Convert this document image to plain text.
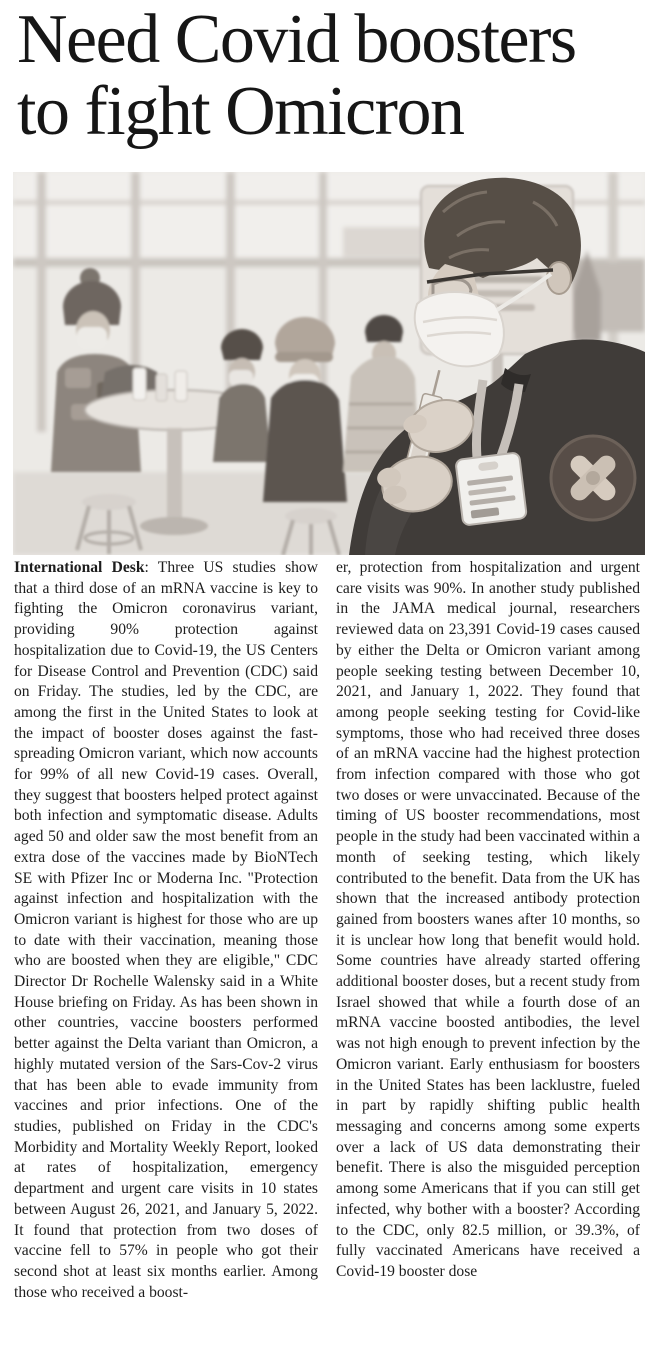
Need Covid boosters to fight Omicron

International Desk: Three US studies show that a third dose of an mRNA vaccine is key to fighting the Omicron coronavirus variant, providing 90% protection against hospitalization due to Covid-19, the US Centers for Disease Control and Prevention (CDC) said on Friday. The studies, led by the CDC, are among the first in the United States to look at the impact of booster doses against the fast-spreading Omicron variant, which now accounts for 99% of all new Covid-19 cases. Overall, they suggest that boosters helped protect against both infection and symptomatic disease. Adults aged 50 and older saw the most benefit from an extra dose of the vaccines made by BioNTech SE with Pfizer Inc or Moderna Inc. "Protection against infection and hospitalization with the Omicron variant is highest for those who are up to date with their vaccination, meaning those who are boosted when they are eligible," CDC Director Dr Rochelle Walensky said in a White House briefing on Friday. As has been shown in other countries, vaccine boosters performed better against the Delta variant than Omicron, a highly mutated version of the Sars-Cov-2 virus that has been able to evade immunity from vaccines and prior infections. One of the studies, published on Friday in the CDC's Morbidity and Mortality Weekly Report, looked at rates of hospitalization, emergency department and urgent care visits in 10 states between August 26, 2021, and January 5, 2022. It found that protection from two doses of vaccine fell to 57% in people who got their second shot at least six months earlier. Among those who received a boost-

er, protection from hospitalization and urgent care visits was 90%. In another study published in the JAMA medical journal, researchers reviewed data on 23,391 Covid-19 cases caused by either the Delta or Omicron variant among people seeking testing between December 10, 2021, and January 1, 2022. They found that among people seeking testing for Covid-like symptoms, those who had received three doses of an mRNA vaccine had the highest protection from infection compared with those who got two doses or were unvaccinated. Because of the timing of US booster recommendations, most people in the study had been vaccinated within a month of seeking testing, which likely contributed to the benefit. Data from the UK has shown that the increased antibody protection gained from boosters wanes after 10 months, so it is unclear how long that benefit would hold. Some countries have already started offering additional booster doses, but a recent study from Israel showed that while a fourth dose of an mRNA vaccine boosted antibodies, the level was not high enough to prevent infection by the Omicron variant. Early enthusiasm for boosters in the United States has been lacklustre, fueled in part by rapidly shifting public health messaging and concerns among some experts over a lack of US data demonstrating their benefit. There is also the misguided perception among some Americans that if you can still get infected, why bother with a booster? According to the CDC, only 82.5 million, or 39.3%, of fully vaccinated Americans have received a Covid-19 booster dose
